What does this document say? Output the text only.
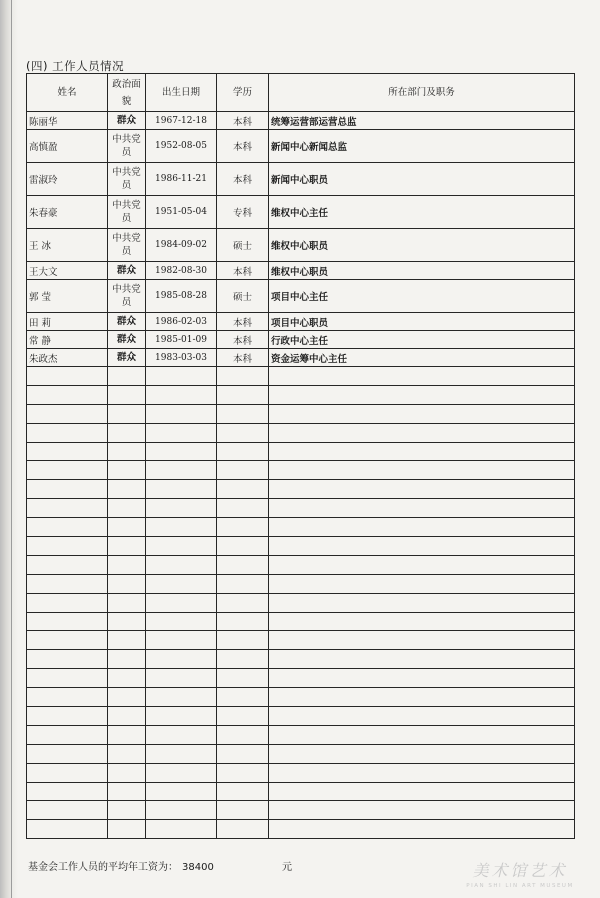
(四) 工作人员情况
姓名	政治面貌	出生日期	学历	所在部门及职务
陈丽华	群众	1967-12-18	本科	统筹运营部运营总监
高慎盈	中共党员	1952-08-05	本科	新闻中心新闻总监
雷淑玲	中共党员	1986-11-21	本科	新闻中心职员
朱春豪	中共党员	1951-05-04	专科	维权中心主任
王 冰	中共党员	1984-09-02	硕士	维权中心职员
王大文	群众	1982-08-30	本科	维权中心职员
郭 莹	中共党员	1985-08-28	硕士	项目中心主任
田 莉	群众	1986-02-03	本科	项目中心职员
常 静	群众	1985-01-09	本科	行政中心主任
朱政杰	群众	1983-03-03	本科	资金运筹中心主任

基金会工作人员的平均年工资为： 38400	元	美术馆艺术
PIAN SHI LIN ART MUSEUM
